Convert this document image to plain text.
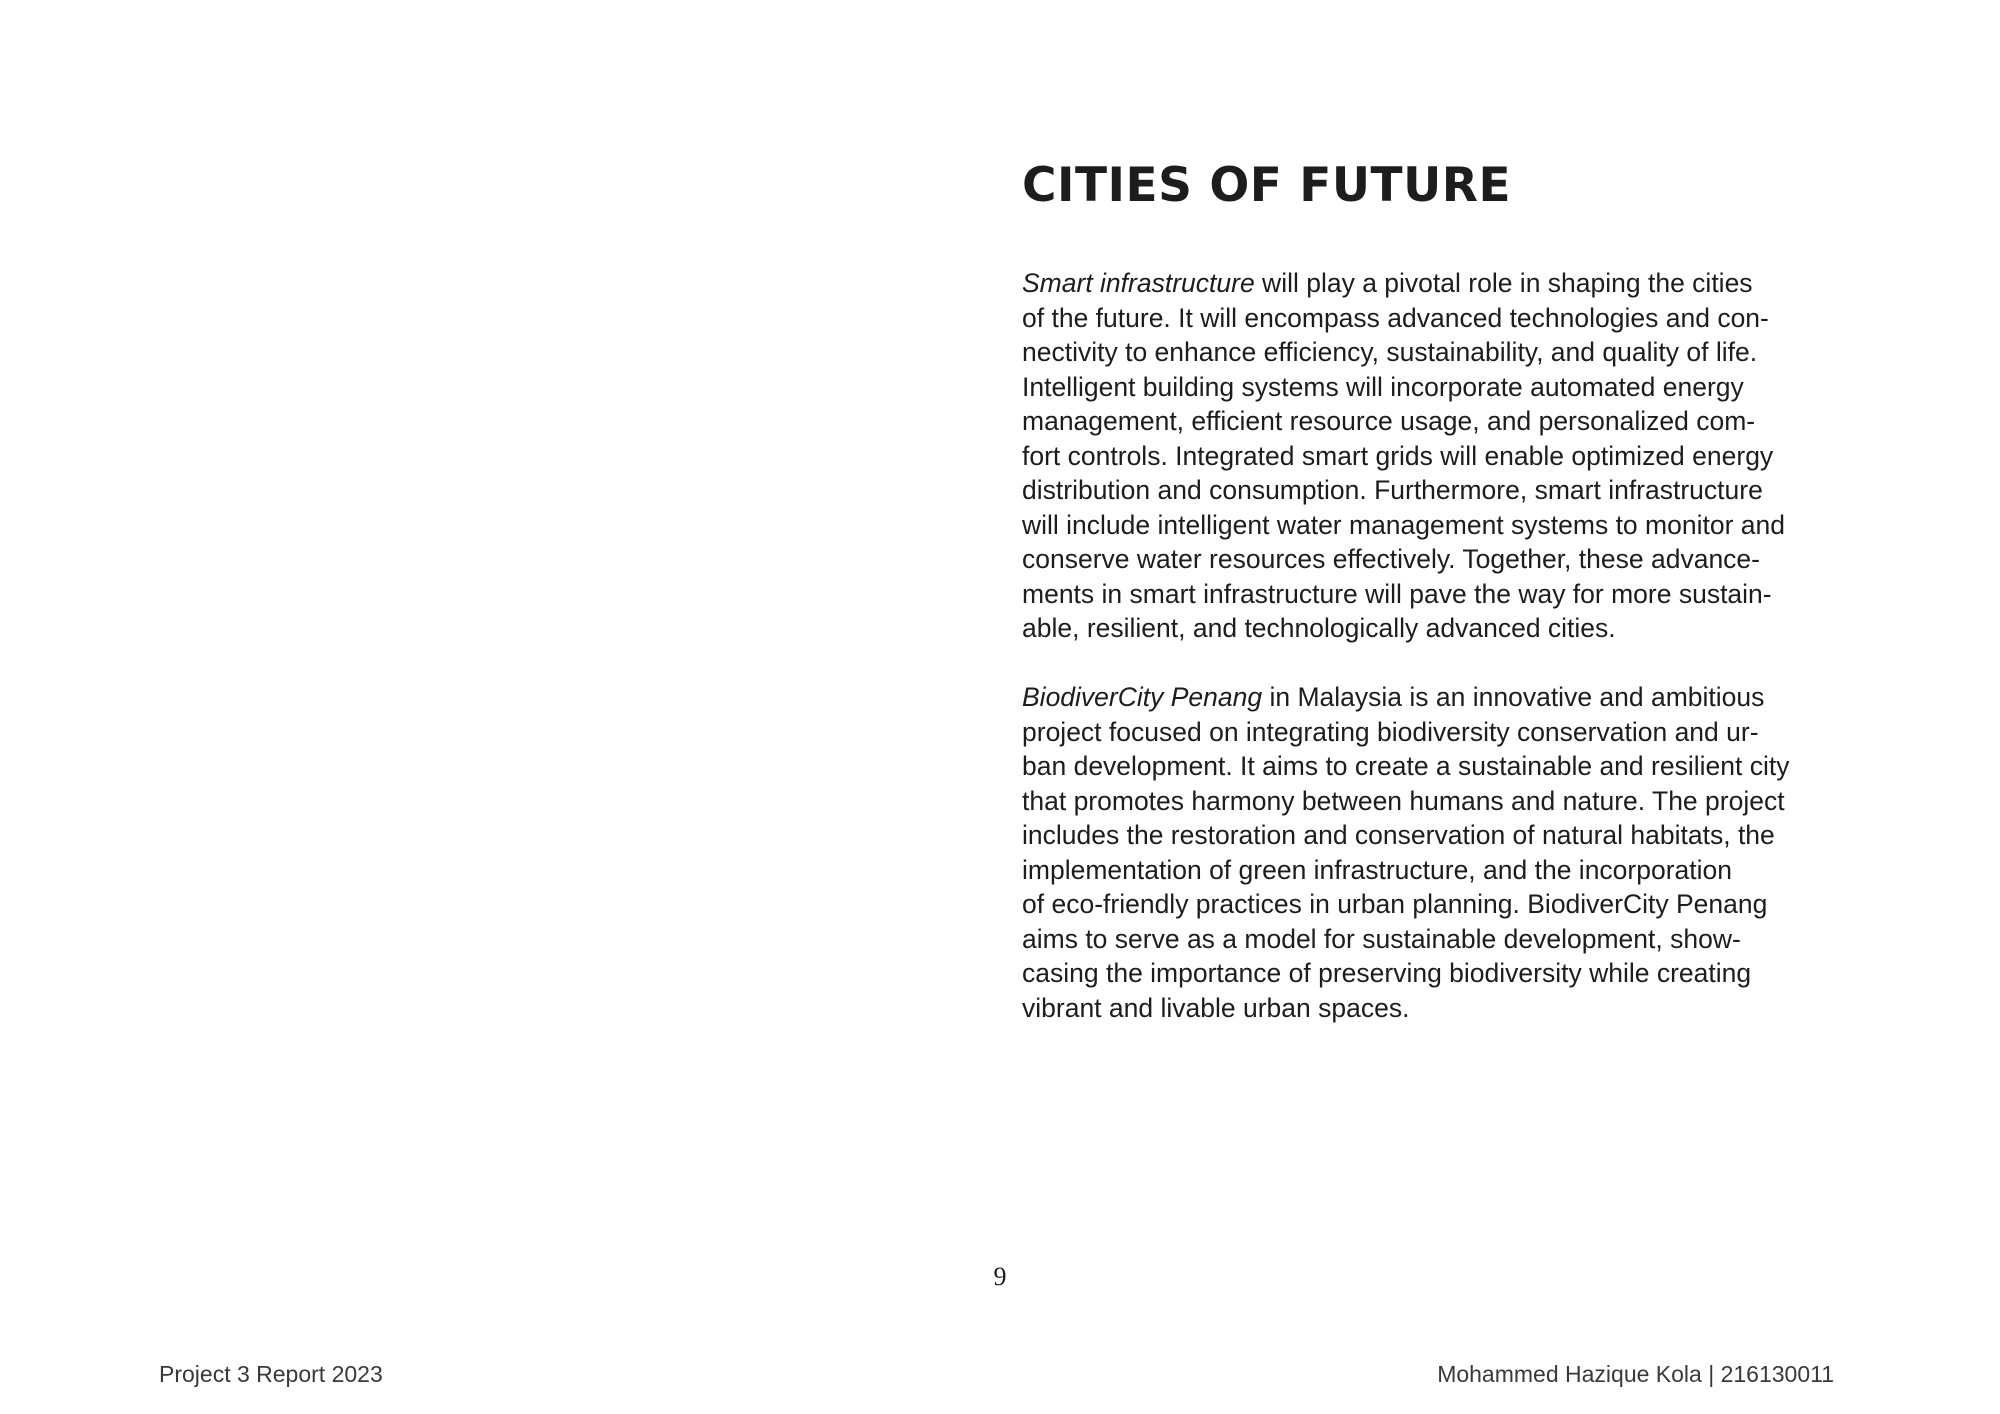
CITIES OF FUTURE

Smart infrastructure will play a pivotal role in shaping the cities
of the future. It will encompass advanced technologies and con-
nectivity to enhance efficiency, sustainability, and quality of life.
Intelligent building systems will incorporate automated energy
management, efficient resource usage, and personalized com-
fort controls. Integrated smart grids will enable optimized energy
distribution and consumption. Furthermore, smart infrastructure
will include intelligent water management systems to monitor and
conserve water resources effectively. Together, these advance-
ments in smart infrastructure will pave the way for more sustain-
able, resilient, and technologically advanced cities.

BiodiverCity Penang in Malaysia is an innovative and ambitious
project focused on integrating biodiversity conservation and ur-
ban development. It aims to create a sustainable and resilient city
that promotes harmony between humans and nature. The project
includes the restoration and conservation of natural habitats, the
implementation of green infrastructure, and the incorporation
of eco-friendly practices in urban planning. BiodiverCity Penang
aims to serve as a model for sustainable development, show-
casing the importance of preserving biodiversity while creating
vibrant and livable urban spaces.

9
Project 3 Report 2023	Mohammed Hazique Kola | 216130011
